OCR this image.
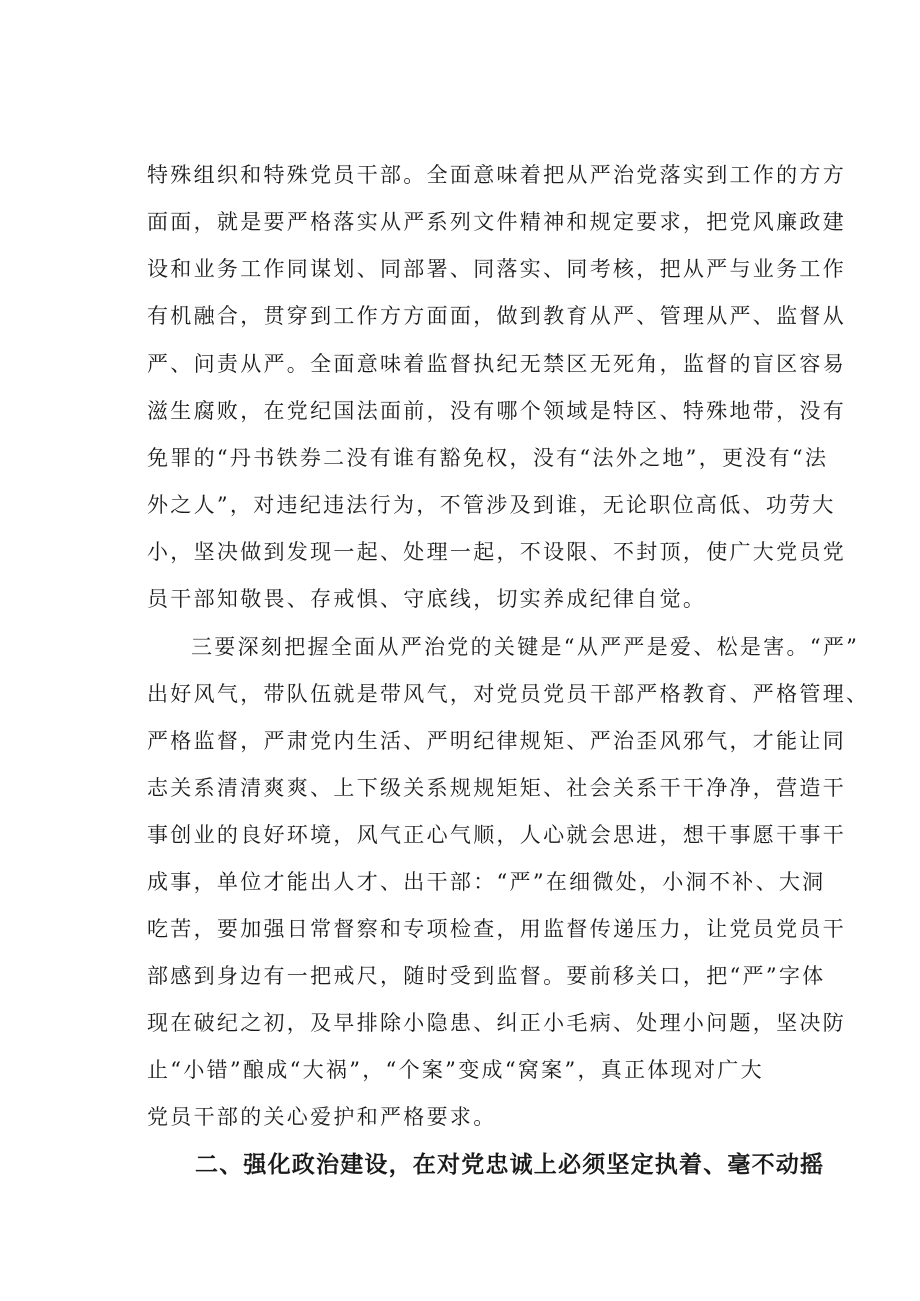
特殊组织和特殊党员干部。全面意味着把从严治党落实到工作的方方
面面，就是要严格落实从严系列文件精神和规定要求，把党风廉政建
设和业务工作同谋划、同部署、同落实、同考核，把从严与业务工作
有机融合，贯穿到工作方方面面，做到教育从严、管理从严、监督从
严、问责从严。全面意味着监督执纪无禁区无死角，监督的盲区容易
滋生腐败，在党纪国法面前，没有哪个领域是特区、特殊地带，没有
免罪的“丹书铁券二没有谁有豁免权，没有“法外之地”，更没有“法
外之人”，对违纪违法行为，不管涉及到谁，无论职位高低、功劳大
小，坚决做到发现一起、处理一起，不设限、不封顶，使广大党员党
员干部知敬畏、存戒惧、守底线，切实养成纪律自觉。
三要深刻把握全面从严治党的关键是“从严严是爱、松是害。“严”
出好风气，带队伍就是带风气，对党员党员干部严格教育、严格管理、
严格监督，严肃党内生活、严明纪律规矩、严治歪风邪气，才能让同
志关系清清爽爽、上下级关系规规矩矩、社会关系干干净净，营造干
事创业的良好环境，风气正心气顺，人心就会思进，想干事愿干事干
成事，单位才能出人才、出干部：“严”在细微处，小洞不补、大洞
吃苦，要加强日常督察和专项检查，用监督传递压力，让党员党员干
部感到身边有一把戒尺，随时受到监督。要前移关口，把“严”字体
现在破纪之初，及早排除小隐患、纠正小毛病、处理小问题，坚决防
止“小错”酿成“大祸”，“个案”变成“窝案”，真正体现对广大
党员干部的关心爱护和严格要求。
二、强化政治建设，在对党忠诚上必须坚定执着、毫不动摇
